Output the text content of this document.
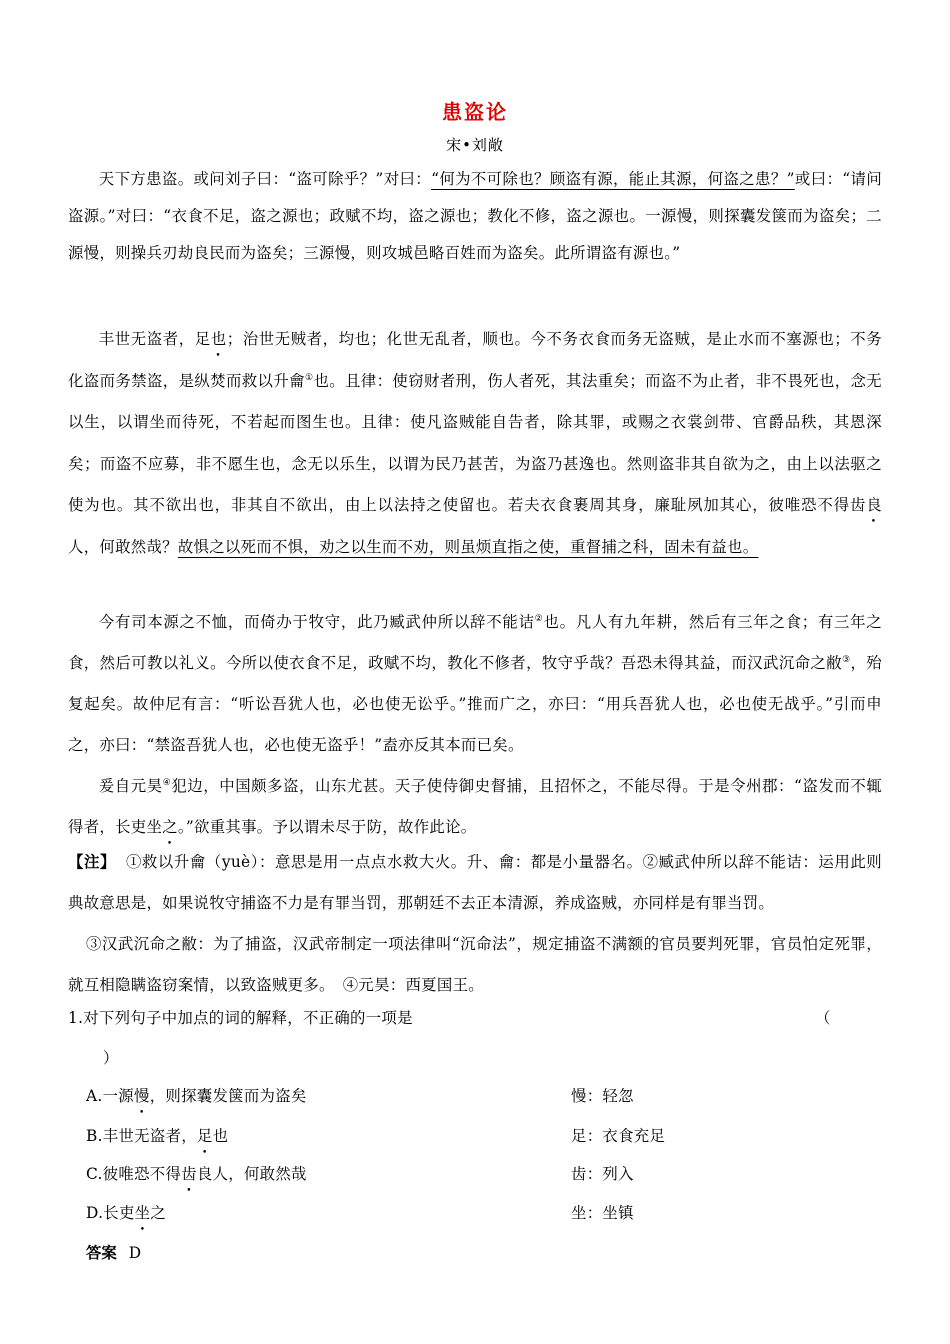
患盗论
宋•刘敞

天下方患盗。或问刘子曰：“盗可除乎？”对曰：“何为不可除也？顾盗有源，能止其源，何盗之患？”或曰：“请问盗源。”对曰：“衣食不足，盗之源也；政赋不均，盗之源也；教化不修，盗之源也。一源慢，则探囊发箧而为盗矣；二源慢，则操兵刃劫良民而为盗矣；三源慢，则攻城邑略百姓而为盗矣。此所谓盗有源也。”

丰世无盗者，足也；治世无贼者，均也；化世无乱者，顺也。今不务衣食而务无盗贼，是止水而不塞源也；不务化盗而务禁盗，是纵焚而救以升龠①也。且律：使窃财者刑，伤人者死，其法重矣；而盗不为止者，非不畏死也，念无以生，以谓坐而待死，不若起而图生也。且律：使凡盗贼能自告者，除其罪，或赐之衣裳剑带、官爵品秩，其恩深矣；而盗不应募，非不愿生也，念无以乐生，以谓为民乃甚苦，为盗乃甚逸也。然则盗非其自欲为之，由上以法驱之使为也。其不欲出也，非其自不欲出，由上以法持之使留也。若夫衣食裹周其身，廉耻夙加其心，彼唯恐不得齿良人，何敢然哉？故惧之以死而不惧，劝之以生而不劝，则虽烦直指之使，重督捕之科，固未有益也。

今有司本源之不恤，而倚办于牧守，此乃臧武仲所以辞不能诘②也。凡人有九年耕，然后有三年之食；有三年之食，然后可教以礼义。今所以使衣食不足，政赋不均，教化不修者，牧守乎哉？吾恐未得其益，而汉武沉命之敝③，殆复起矣。故仲尼有言：“听讼吾犹人也，必也使无讼乎。”推而广之，亦曰：“用兵吾犹人也，必也使无战乎。”引而申之，亦曰：“禁盗吾犹人也，必也使无盗乎！”盍亦反其本而已矣。

爰自元昊④犯边，中国颇多盗，山东尤甚。天子使侍御史督捕，且招怀之，不能尽得。于是令州郡：“盗发而不辄得者，长吏坐之。”欲重其事。予以谓未尽于防，故作此论。

【注】 ①救以升龠（yuè）：意思是用一点点水救大火。升、龠：都是小量器名。②臧武仲所以辞不能诘：运用此则典故意思是，如果说牧守捕盗不力是有罪当罚，那朝廷不去正本清源，养成盗贼，亦同样是有罪当罚。

③汉武沉命之敝：为了捕盗，汉武帝制定一项法律叫“沉命法”，规定捕盗不满额的官员要判死罪，官员怕定死罪，就互相隐瞒盗窃案情，以致盗贼更多。　④元昊：西夏国王。

1.对下列句子中加点的词的解释，不正确的一项是	（
）
A.一源慢，则探囊发箧而为盗矣	慢：轻忽
B.丰世无盗者，足也	足：衣食充足
C.彼唯恐不得齿良人，何敢然哉	齿：列入
D.长吏坐之	坐：坐镇
答案 D
